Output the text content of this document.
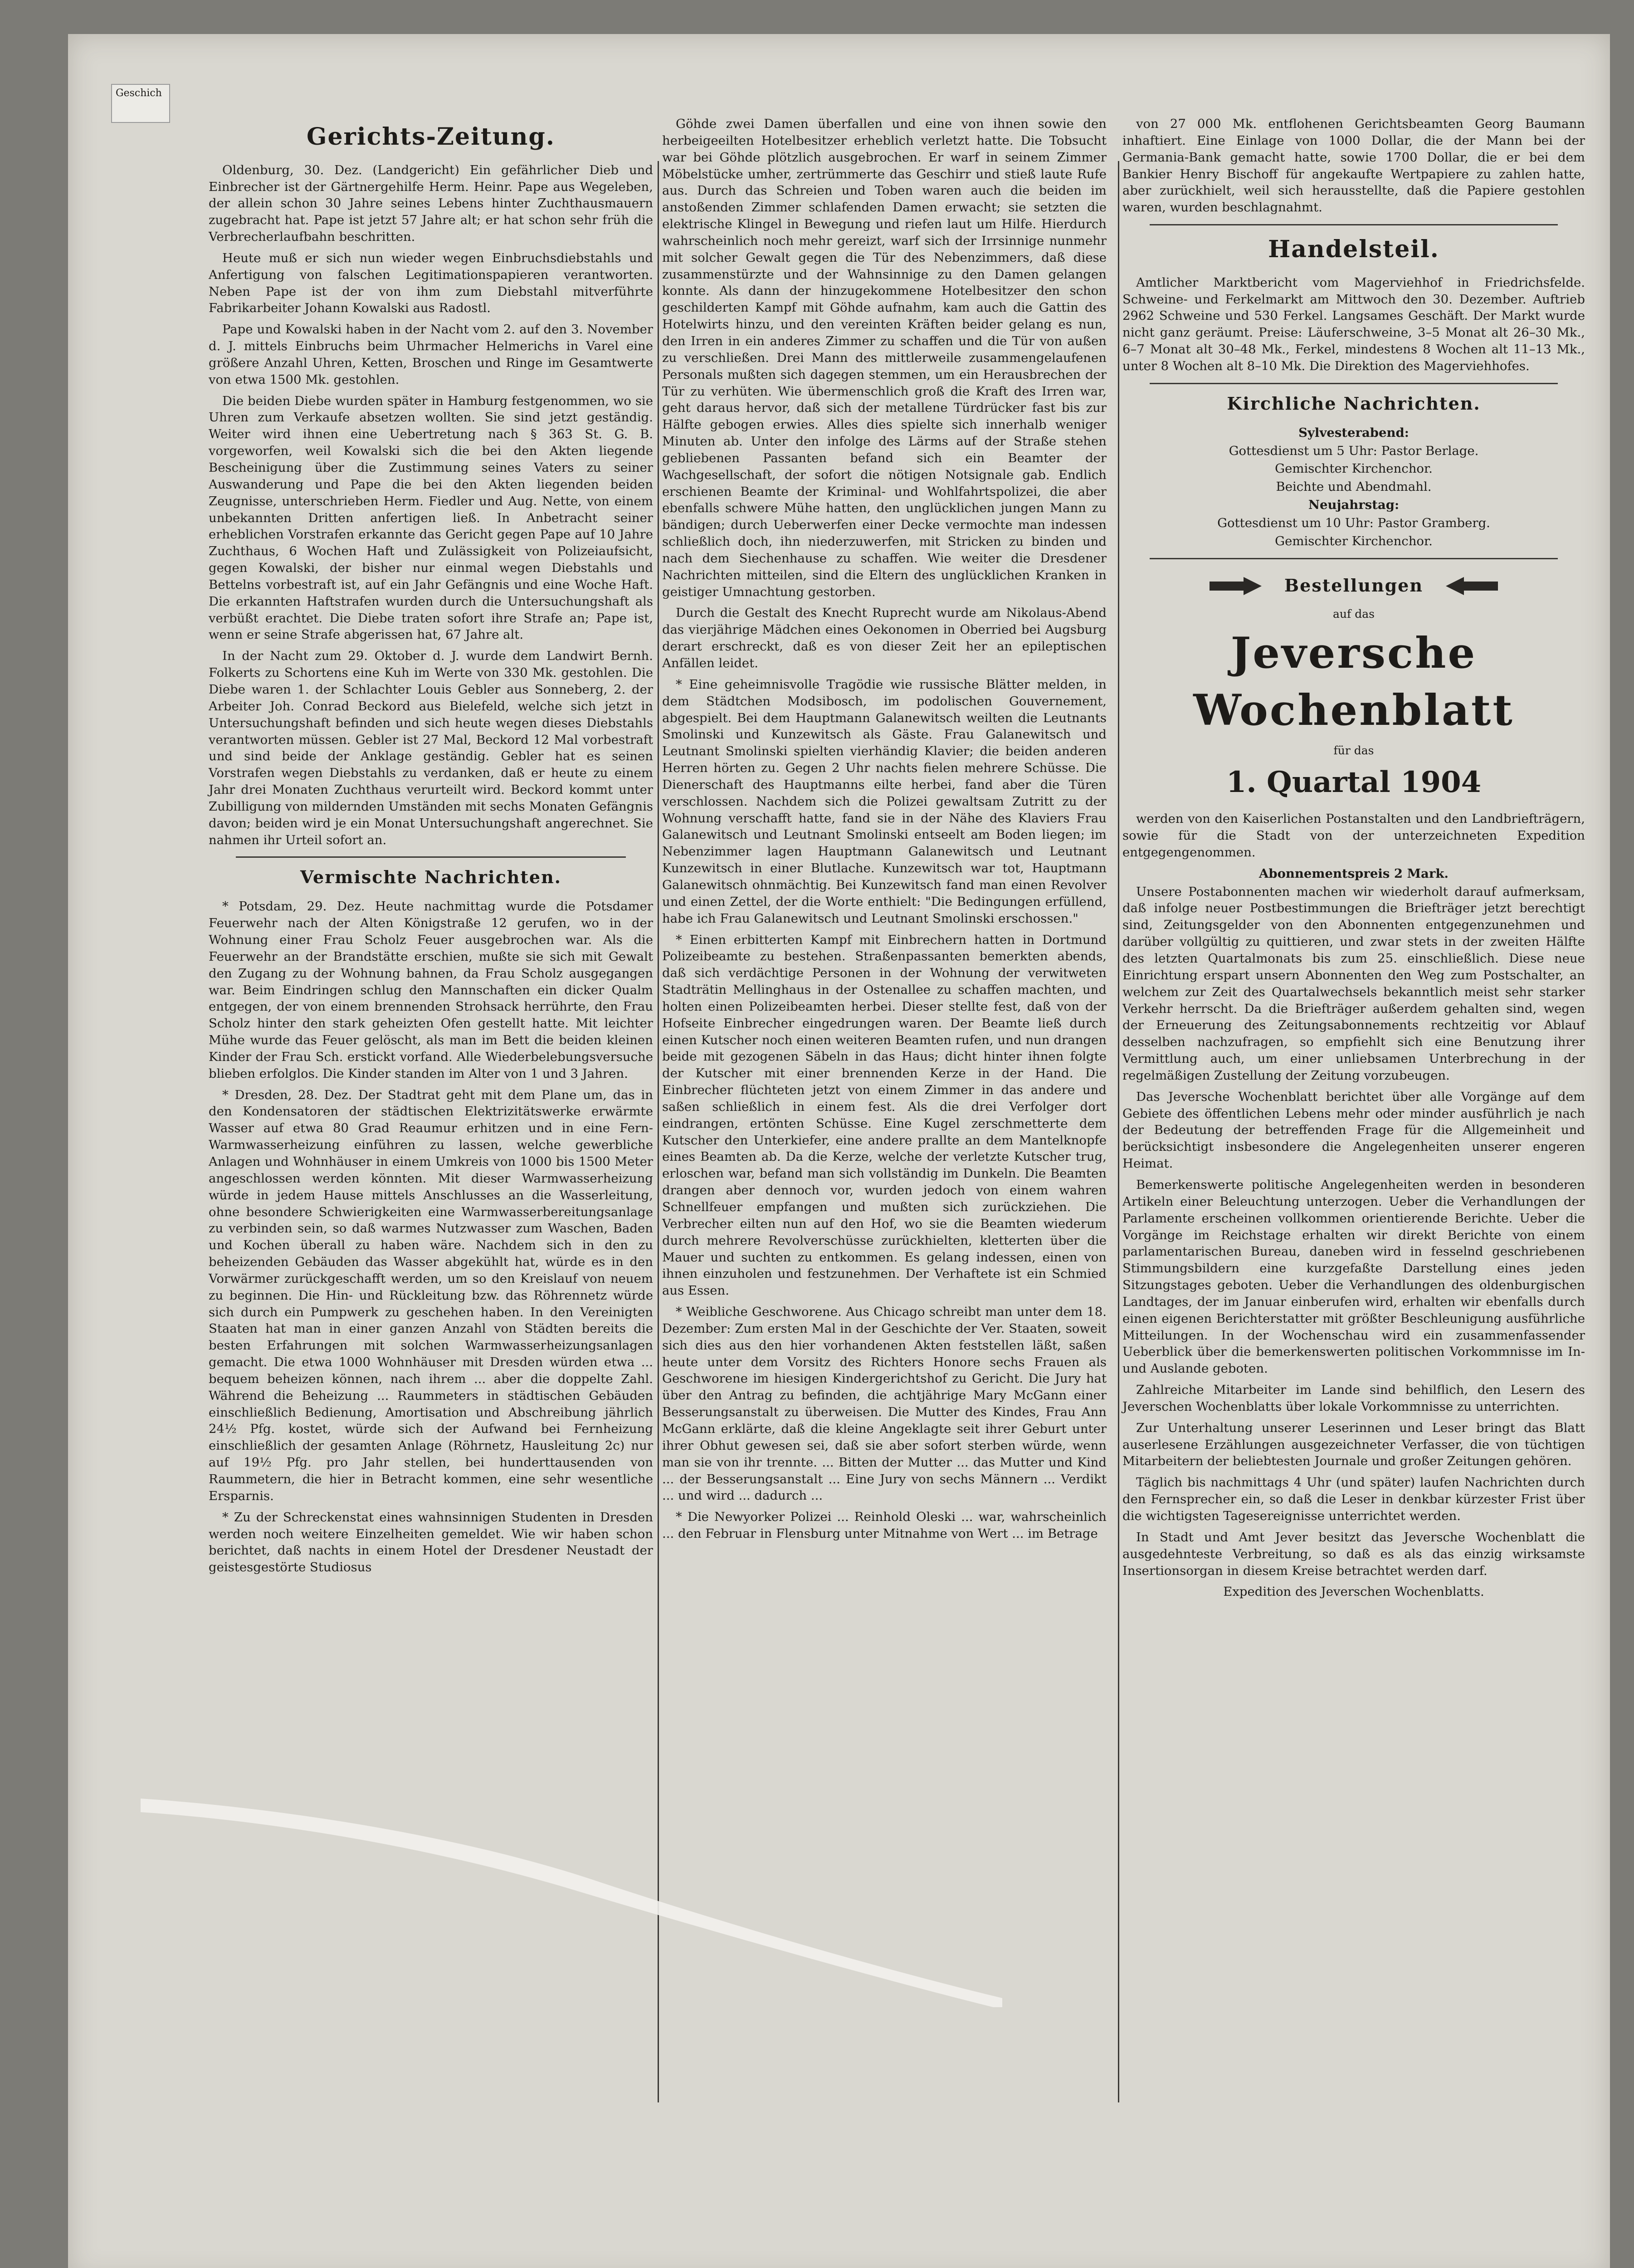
Geschich
Gerichts-Zeitung.

Oldenburg, 30. Dez. (Landgericht) Ein gefährlicher Dieb und Einbrecher ist der Gärtnergehilfe Herm. Heinr. Pape aus Wegeleben, der allein schon 30 Jahre seines Lebens hinter Zuchthausmauern zugebracht hat. Pape ist jetzt 57 Jahre alt; er hat schon sehr früh die Verbrecherlaufbahn beschritten.

Heute muß er sich nun wieder wegen Einbruchsdiebstahls und Anfertigung von falschen Legitimationspapieren verantworten. Neben Pape ist der von ihm zum Diebstahl mitverführte Fabrikarbeiter Johann Kowalski aus Radostl.

Pape und Kowalski haben in der Nacht vom 2. auf den 3. November d. J. mittels Einbruchs beim Uhrmacher Helmerichs in Varel eine größere Anzahl Uhren, Ketten, Broschen und Ringe im Gesamtwerte von etwa 1500 Mk. gestohlen.

Die beiden Diebe wurden später in Hamburg festgenommen, wo sie Uhren zum Verkaufe absetzen wollten. Sie sind jetzt geständig. Weiter wird ihnen eine Uebertretung nach § 363 St. G. B. vorgeworfen, weil Kowalski sich die bei den Akten liegende Bescheinigung über die Zustimmung seines Vaters zu seiner Auswanderung und Pape die bei den Akten liegenden beiden Zeugnisse, unterschrieben Herm. Fiedler und Aug. Nette, von einem unbekannten Dritten anfertigen ließ. In Anbetracht seiner erheblichen Vorstrafen erkannte das Gericht gegen Pape auf 10 Jahre Zuchthaus, 6 Wochen Haft und Zulässigkeit von Polizeiaufsicht, gegen Kowalski, der bisher nur einmal wegen Diebstahls und Bettelns vorbestraft ist, auf ein Jahr Gefängnis und eine Woche Haft. Die erkannten Haftstrafen wurden durch die Untersuchungshaft als verbüßt erachtet. Die Diebe traten sofort ihre Strafe an; Pape ist, wenn er seine Strafe abgerissen hat, 67 Jahre alt.

In der Nacht zum 29. Oktober d. J. wurde dem Landwirt Bernh. Folkerts zu Schortens eine Kuh im Werte von 330 Mk. gestohlen. Die Diebe waren 1. der Schlachter Louis Gebler aus Sonneberg, 2. der Arbeiter Joh. Conrad Beckord aus Bielefeld, welche sich jetzt in Untersuchungshaft befinden und sich heute wegen dieses Diebstahls verantworten müssen. Gebler ist 27 Mal, Beckord 12 Mal vorbestraft und sind beide der Anklage geständig. Gebler hat es seinen Vorstrafen wegen Diebstahls zu verdanken, daß er heute zu einem Jahr drei Monaten Zuchthaus verurteilt wird. Beckord kommt unter Zubilligung von mildernden Umständen mit sechs Monaten Gefängnis davon; beiden wird je ein Monat Untersuchungshaft angerechnet. Sie nahmen ihr Urteil sofort an.

Vermischte Nachrichten.

* Potsdam, 29. Dez. Heute nachmittag wurde die Potsdamer Feuerwehr nach der Alten Königstraße 12 gerufen, wo in der Wohnung einer Frau Scholz Feuer ausgebrochen war. Als die Feuerwehr an der Brandstätte erschien, mußte sie sich mit Gewalt den Zugang zu der Wohnung bahnen, da Frau Scholz ausgegangen war. Beim Eindringen schlug den Mannschaften ein dicker Qualm entgegen, der von einem brennenden Strohsack herrührte, den Frau Scholz hinter den stark geheizten Ofen gestellt hatte. Mit leichter Mühe wurde das Feuer gelöscht, als man im Bett die beiden kleinen Kinder der Frau Sch. erstickt vorfand. Alle Wiederbelebungsversuche blieben erfolglos. Die Kinder standen im Alter von 1 und 3 Jahren.

* Dresden, 28. Dez. Der Stadtrat geht mit dem Plane um, das in den Kondensatoren der städtischen Elektrizitätswerke erwärmte Wasser auf etwa 80 Grad Reaumur erhitzen und in eine Fern-Warmwasserheizung einführen zu lassen, welche gewerbliche Anlagen und Wohnhäuser in einem Umkreis von 1000 bis 1500 Meter angeschlossen werden könnten. Mit dieser Warmwasserheizung würde in jedem Hause mittels Anschlusses an die Wasserleitung, ohne besondere Schwierigkeiten eine Warmwasserbereitungsanlage zu verbinden sein, so daß warmes Nutzwasser zum Waschen, Baden und Kochen überall zu haben wäre. Nachdem sich in den zu beheizenden Gebäuden das Wasser abgekühlt hat, würde es in den Vorwärmer zurückgeschafft werden, um so den Kreislauf von neuem zu beginnen. Die Hin- und Rückleitung bzw. das Röhrennetz würde sich durch ein Pumpwerk zu geschehen haben. In den Vereinigten Staaten hat man in einer ganzen Anzahl von Städten bereits die besten Erfahrungen mit solchen Warmwasserheizungsanlagen gemacht. Die etwa 1000 Wohnhäuser mit Dresden würden etwa ... bequem beheizen können, nach ihrem ... aber die doppelte Zahl. Während die Beheizung ... Raummeters in städtischen Gebäuden einschließlich Bedienung, Amortisation und Abschreibung jährlich 24½ Pfg. kostet, würde sich der Aufwand bei Fernheizung einschließlich der gesamten Anlage (Röhrnetz, Hausleitung 2c) nur auf 19½ Pfg. pro Jahr stellen, bei hunderttausenden von Raummetern, die hier in Betracht kommen, eine sehr wesentliche Ersparnis.

* Zu der Schreckenstat eines wahnsinnigen Studenten in Dresden werden noch weitere Einzelheiten gemeldet. Wie wir haben schon berichtet, daß nachts in einem Hotel der Dresdener Neustadt der geistesgestörte Studiosus

Göhde zwei Damen überfallen und eine von ihnen sowie den herbeigeeilten Hotelbesitzer erheblich verletzt hatte. Die Tobsucht war bei Göhde plötzlich ausgebrochen. Er warf in seinem Zimmer Möbelstücke umher, zertrümmerte das Geschirr und stieß laute Rufe aus. Durch das Schreien und Toben waren auch die beiden im anstoßenden Zimmer schlafenden Damen erwacht; sie setzten die elektrische Klingel in Bewegung und riefen laut um Hilfe. Hierdurch wahrscheinlich noch mehr gereizt, warf sich der Irrsinnige nunmehr mit solcher Gewalt gegen die Tür des Nebenzimmers, daß diese zusammenstürzte und der Wahnsinnige zu den Damen gelangen konnte. Als dann der hinzugekommene Hotelbesitzer den schon geschilderten Kampf mit Göhde aufnahm, kam auch die Gattin des Hotelwirts hinzu, und den vereinten Kräften beider gelang es nun, den Irren in ein anderes Zimmer zu schaffen und die Tür von außen zu verschließen. Drei Mann des mittlerweile zusammengelaufenen Personals mußten sich dagegen stemmen, um ein Herausbrechen der Tür zu verhüten. Wie übermenschlich groß die Kraft des Irren war, geht daraus hervor, daß sich der metallene Türdrücker fast bis zur Hälfte gebogen erwies. Alles dies spielte sich innerhalb weniger Minuten ab. Unter den infolge des Lärms auf der Straße stehen gebliebenen Passanten befand sich ein Beamter der Wachgesellschaft, der sofort die nötigen Notsignale gab. Endlich erschienen Beamte der Kriminal- und Wohlfahrtspolizei, die aber ebenfalls schwere Mühe hatten, den unglücklichen jungen Mann zu bändigen; durch Ueberwerfen einer Decke vermochte man indessen schließlich doch, ihn niederzuwerfen, mit Stricken zu binden und nach dem Siechenhause zu schaffen. Wie weiter die Dresdener Nachrichten mitteilen, sind die Eltern des unglücklichen Kranken in geistiger Umnachtung gestorben.

Durch die Gestalt des Knecht Ruprecht wurde am Nikolaus-Abend das vierjährige Mädchen eines Oekonomen in Oberried bei Augsburg derart erschreckt, daß es von dieser Zeit her an epileptischen Anfällen leidet.

* Eine geheimnisvolle Tragödie wie russische Blätter melden, in dem Städtchen Modsibosch, im podolischen Gouvernement, abgespielt. Bei dem Hauptmann Galanewitsch weilten die Leutnants Smolinski und Kunzewitsch als Gäste. Frau Galanewitsch und Leutnant Smolinski spielten vierhändig Klavier; die beiden anderen Herren hörten zu. Gegen 2 Uhr nachts fielen mehrere Schüsse. Die Dienerschaft des Hauptmanns eilte herbei, fand aber die Türen verschlossen. Nachdem sich die Polizei gewaltsam Zutritt zu der Wohnung verschafft hatte, fand sie in der Nähe des Klaviers Frau Galanewitsch und Leutnant Smolinski entseelt am Boden liegen; im Nebenzimmer lagen Hauptmann Galanewitsch und Leutnant Kunzewitsch in einer Blutlache. Kunzewitsch war tot, Hauptmann Galanewitsch ohnmächtig. Bei Kunzewitsch fand man einen Revolver und einen Zettel, der die Worte enthielt: "Die Bedingungen erfüllend, habe ich Frau Galanewitsch und Leutnant Smolinski erschossen."

* Einen erbitterten Kampf mit Einbrechern hatten in Dortmund Polizeibeamte zu bestehen. Straßenpassanten bemerkten abends, daß sich verdächtige Personen in der Wohnung der verwitweten Stadträtin Mellinghaus in der Ostenallee zu schaffen machten, und holten einen Polizeibeamten herbei. Dieser stellte fest, daß von der Hofseite Einbrecher eingedrungen waren. Der Beamte ließ durch einen Kutscher noch einen weiteren Beamten rufen, und nun drangen beide mit gezogenen Säbeln in das Haus; dicht hinter ihnen folgte der Kutscher mit einer brennenden Kerze in der Hand. Die Einbrecher flüchteten jetzt von einem Zimmer in das andere und saßen schließlich in einem fest. Als die drei Verfolger dort eindrangen, ertönten Schüsse. Eine Kugel zerschmetterte dem Kutscher den Unterkiefer, eine andere prallte an dem Mantelknopfe eines Beamten ab. Da die Kerze, welche der verletzte Kutscher trug, erloschen war, befand man sich vollständig im Dunkeln. Die Beamten drangen aber dennoch vor, wurden jedoch von einem wahren Schnellfeuer empfangen und mußten sich zurückziehen. Die Verbrecher eilten nun auf den Hof, wo sie die Beamten wiederum durch mehrere Revolverschüsse zurückhielten, kletterten über die Mauer und suchten zu entkommen. Es gelang indessen, einen von ihnen einzuholen und festzunehmen. Der Verhaftete ist ein Schmied aus Essen.

* Weibliche Geschworene. Aus Chicago schreibt man unter dem 18. Dezember: Zum ersten Mal in der Geschichte der Ver. Staaten, soweit sich dies aus den hier vorhandenen Akten feststellen läßt, saßen heute unter dem Vorsitz des Richters Honore sechs Frauen als Geschworene im hiesigen Kindergerichtshof zu Gericht. Die Jury hat über den Antrag zu befinden, die achtjährige Mary McGann einer Besserungsanstalt zu überweisen. Die Mutter des Kindes, Frau Ann McGann erklärte, daß die kleine Angeklagte seit ihrer Geburt unter ihrer Obhut gewesen sei, daß sie aber sofort sterben würde, wenn man sie von ihr trennte. ... Bitten der Mutter ... das Mutter und Kind ... der Besserungsanstalt ... Eine Jury von sechs Männern ... Verdikt ... und wird ... dadurch ...

* Die Newyorker Polizei ... Reinhold Oleski ... war, wahrscheinlich ... den Februar in Flensburg unter Mitnahme von Wert ... im Betrage

von 27 000 Mk. entflohenen Gerichtsbeamten Georg Baumann inhaftiert. Eine Einlage von 1000 Dollar, die der Mann bei der Germania-Bank gemacht hatte, sowie 1700 Dollar, die er bei dem Bankier Henry Bischoff für angekaufte Wertpapiere zu zahlen hatte, aber zurückhielt, weil sich herausstellte, daß die Papiere gestohlen waren, wurden beschlagnahmt.

Handelsteil.

Amtlicher Marktbericht vom Magerviehhof in Friedrichsfelde. Schweine- und Ferkelmarkt am Mittwoch den 30. Dezember. Auftrieb 2962 Schweine und 530 Ferkel. Langsames Geschäft. Der Markt wurde nicht ganz geräumt. Preise: Läuferschweine, 3–5 Monat alt 26–30 Mk., 6–7 Monat alt 30–48 Mk., Ferkel, mindestens 8 Wochen alt 11–13 Mk., unter 8 Wochen alt 8–10 Mk. Die Direktion des Magerviehhofes.

Kirchliche Nachrichten.

Sylvesterabend:

Gottesdienst um 5 Uhr: Pastor Berlage.

Gemischter Kirchenchor.

Beichte und Abendmahl.

Neujahrstag:

Gottesdienst um 10 Uhr: Pastor Gramberg.

Gemischter Kirchenchor.

Bestellungen
auf das
Jeversche Wochenblatt
für das
1. Quartal 1904

werden von den Kaiserlichen Postanstalten und den Landbriefträgern, sowie für die Stadt von der unterzeichneten Expedition entgegengenommen.

Abonnementspreis 2 Mark.

Unsere Postabonnenten machen wir wiederholt darauf aufmerksam, daß infolge neuer Postbestimmungen die Briefträger jetzt berechtigt sind, Zeitungsgelder von den Abonnenten entgegenzunehmen und darüber vollgültig zu quittieren, und zwar stets in der zweiten Hälfte des letzten Quartalmonats bis zum 25. einschließlich. Diese neue Einrichtung erspart unsern Abonnenten den Weg zum Postschalter, an welchem zur Zeit des Quartalwechsels bekanntlich meist sehr starker Verkehr herrscht. Da die Briefträger außerdem gehalten sind, wegen der Erneuerung des Zeitungsabonnements rechtzeitig vor Ablauf desselben nachzufragen, so empfiehlt sich eine Benutzung ihrer Vermittlung auch, um einer unliebsamen Unterbrechung in der regelmäßigen Zustellung der Zeitung vorzubeugen.

Das Jeversche Wochenblatt berichtet über alle Vorgänge auf dem Gebiete des öffentlichen Lebens mehr oder minder ausführlich je nach der Bedeutung der betreffenden Frage für die Allgemeinheit und berücksichtigt insbesondere die Angelegenheiten unserer engeren Heimat.

Bemerkenswerte politische Angelegenheiten werden in besonderen Artikeln einer Beleuchtung unterzogen. Ueber die Verhandlungen der Parlamente erscheinen vollkommen orientierende Berichte. Ueber die Vorgänge im Reichstage erhalten wir direkt Berichte von einem parlamentarischen Bureau, daneben wird in fesselnd geschriebenen Stimmungsbildern eine kurzgefaßte Darstellung eines jeden Sitzungstages geboten. Ueber die Verhandlungen des oldenburgischen Landtages, der im Januar einberufen wird, erhalten wir ebenfalls durch einen eigenen Berichterstatter mit größter Beschleunigung ausführliche Mitteilungen. In der Wochenschau wird ein zusammenfassender Ueberblick über die bemerkenswerten politischen Vorkommnisse im In- und Auslande geboten.

Zahlreiche Mitarbeiter im Lande sind behilflich, den Lesern des Jeverschen Wochenblatts über lokale Vorkommnisse zu unterrichten.

Zur Unterhaltung unserer Leserinnen und Leser bringt das Blatt auserlesene Erzählungen ausgezeichneter Verfasser, die von tüchtigen Mitarbeitern der beliebtesten Journale und großer Zeitungen gehören.

Täglich bis nachmittags 4 Uhr (und später) laufen Nachrichten durch den Fernsprecher ein, so daß die Leser in denkbar kürzester Frist über die wichtigsten Tagesereignisse unterrichtet werden.

In Stadt und Amt Jever besitzt das Jeversche Wochenblatt die ausgedehnteste Verbreitung, so daß es als das einzig wirksamste Insertionsorgan in diesem Kreise betrachtet werden darf.

Expedition des Jeverschen Wochenblatts.
